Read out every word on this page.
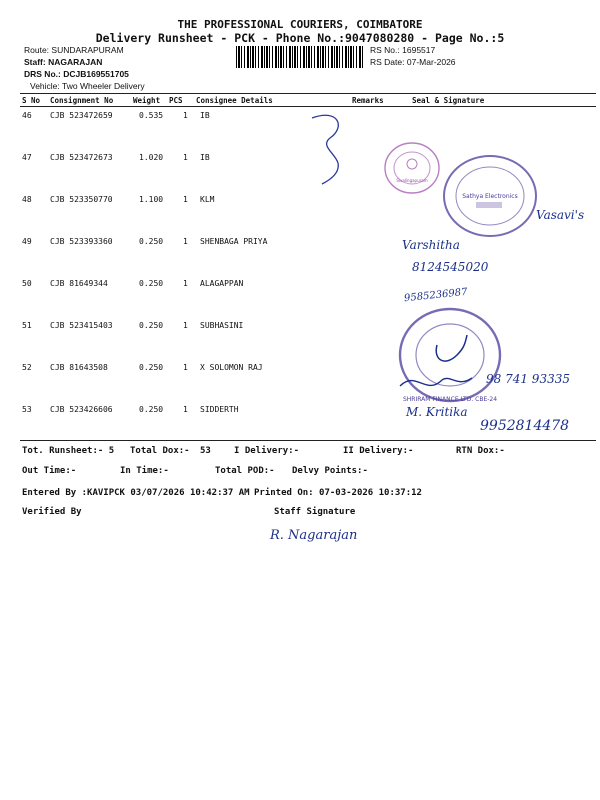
THE PROFESSIONAL COURIERS, COIMBATORE
Delivery Runsheet - PCK - Phone No.:9047080280 - Page No.:5
Route: SUNDARAPURAM
Staff: NAGARAJAN
DRS No.: DCJB169551705
Vehicle: Two Wheeler Delivery
RS No.: 1695517
RS Date: 07-Mar-2026
S No Consignment No	Weight PCS Consignee Details	Remarks	Seal & Signature
46 CJB 523472659	0.535 1 IB
47 CJB 523472673	1.020 1 IB
48 CJB 523350770	1.100 1 KLM
49 CJB 523393360	0.250 1 SHENBAGA PRIYA
50 CJB 81649344	0.250 1 ALAGAPPAN
51 CJB 523415403	0.250 1 SUBHASINI
52 CJB 81643508	0.250 1 X SOLOMON RAJ
53 CJB 523426606	0.250 1 SIDDERTH
Sivalingapuram
Sathya Electronics
SHRIRAM FINANCE LTD. CBE-24
Vasavi's
Varshitha
8124545020
9585236987
98 741 93335
M. Kritika
9952814478
Tot. Runsheet:- 5 Total Dox:- 53	I Delivery:-	II Delivery:-	RTN Dox:-
Out Time:-	In Time:-	Total POD:- Delvy Points:-
Entered By :KAVIPCK 03/07/2026 10:42:37 AM Printed On: 07-03-2026 10:37:12
Verified By	Staff Signature
R. Nagarajan
